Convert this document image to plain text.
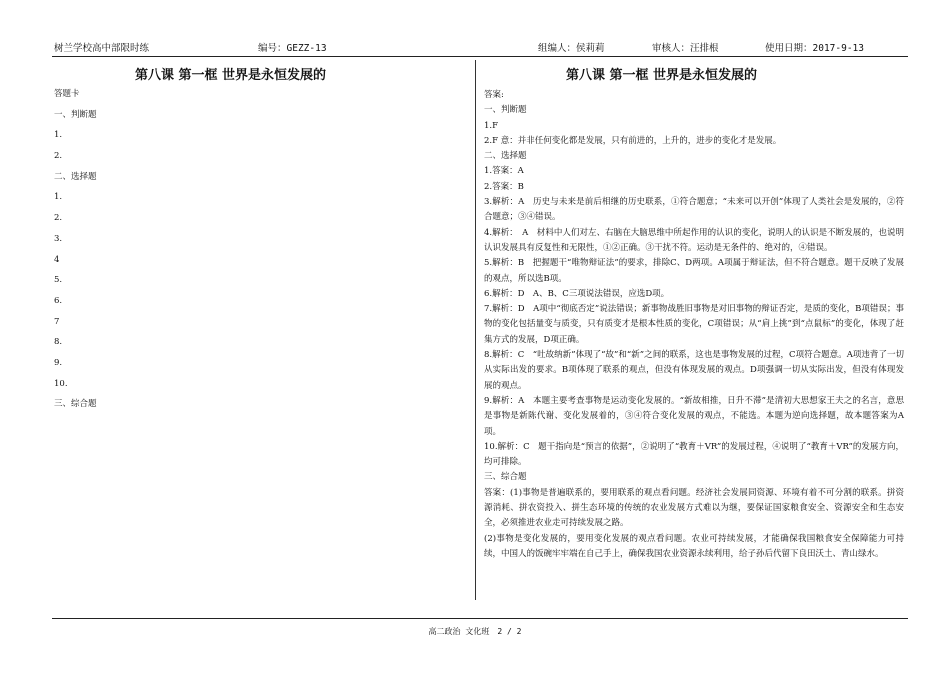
树兰学校高中部限时练	编号：GEZZ-13	组编人：侯莉莉	审核人：汪排根	使用日期：2017-9-13
第八课 第一框 世界是永恒发展的
答题卡
一、判断题
1.
2.
二、选择题
1.
2.
3.
4
5.
6.
7
8.
9.
10.
三、综合题
第八课 第一框 世界是永恒发展的

答案:

一、判断题

1.F

2.F 意：并非任何变化都是发展，只有前进的，上升的，进步的变化才是发展。

二、选择题

1.答案：A

2.答案：B

3.解析：A　历史与未来是前后相继的历史联系，①符合题意；“未来可以开创”体现了人类社会是发展的，②符合题意；③④错误。

4.解析：　A　材料中人们对左、右脑在大脑思维中所起作用的认识的变化，说明人的认识是不断发展的，也说明认识发展具有反复性和无限性，①②正确。③干扰不符。运动是无条件的、绝对的，④错误。

5.解析：B　把握题干“唯物辩证法”的要求，排除C、D两项。A项属于辩证法，但不符合题意。题干反映了发展的观点，所以选B项。

6.解析：D　A、B、C三项说法错误，应选D项。

7.解析：D　A项中“彻底否定”说法错误；新事物战胜旧事物是对旧事物的辩证否定，是质的变化，B项错误；事物的变化包括量变与质变，只有质变才是根本性质的变化，C项错误；从“肩上挑”到“点鼠标”的变化，体现了赶集方式的发展，D项正确。

8.解析：C　“吐故纳新”体现了“故”和“新”之间的联系，这也是事物发展的过程，C项符合题意。A项违背了一切从实际出发的要求。B项体现了联系的观点，但没有体现发展的观点。D项强调一切从实际出发，但没有体现发展的观点。

9.解析：A　本题主要考查事物是运动变化发展的。“新故相推，日升不滞”是清初大思想家王夫之的名言，意思是事物是新陈代谢、变化发展着的，③④符合变化发展的观点，不能选。本题为逆向选择题，故本题答案为A项。

10.解析：C　题干指向是“预言的依据”，②说明了“教育＋VR”的发展过程，④说明了“教育＋VR”的发展方向，均可排除。

三、综合题

答案：(1)事物是普遍联系的，要用联系的观点看问题。经济社会发展同资源、环境有着不可分割的联系。拼资源消耗、拼农资投入、拼生态环境的传统的农业发展方式难以为继，要保证国家粮食安全、资源安全和生态安全，必须推进农业走可持续发展之路。

(2)事物是变化发展的，要用变化发展的观点看问题。农业可持续发展，才能确保我国粮食安全保障能力可持续，中国人的饭碗牢牢端在自己手上，确保我国农业资源永续利用，给子孙后代留下良田沃土、青山绿水。

高二政治 文化班　2 / 2
